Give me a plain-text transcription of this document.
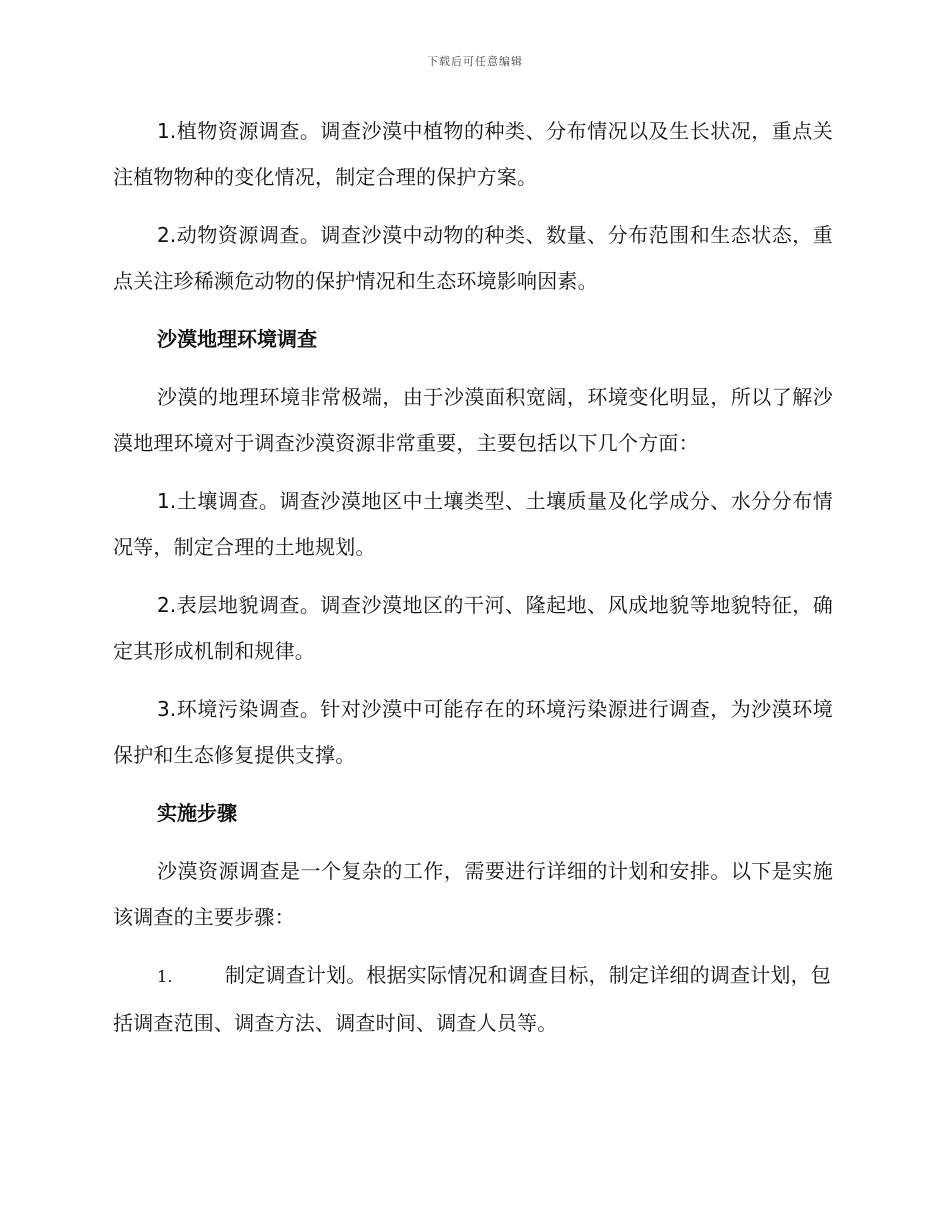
下载后可任意编辑

1.植物资源调查。调查沙漠中植物的种类、分布情况以及生长状况，重点关注植物物种的变化情况，制定合理的保护方案。

2.动物资源调查。调查沙漠中动物的种类、数量、分布范围和生态状态，重点关注珍稀濒危动物的保护情况和生态环境影响因素。

沙漠地理环境调查

沙漠的地理环境非常极端，由于沙漠面积宽阔，环境变化明显，所以了解沙漠地理环境对于调查沙漠资源非常重要，主要包括以下几个方面：

1.土壤调查。调查沙漠地区中土壤类型、土壤质量及化学成分、水分分布情况等，制定合理的土地规划。

2.表层地貌调查。调查沙漠地区的干河、隆起地、风成地貌等地貌特征，确定其形成机制和规律。

3.环境污染调查。针对沙漠中可能存在的环境污染源进行调查，为沙漠环境保护和生态修复提供支撑。

实施步骤

沙漠资源调查是一个复杂的工作，需要进行详细的计划和安排。以下是实施该调查的主要步骤：

1.	制定调查计划。根据实际情况和调查目标，制定详细的调查计划，包括调查范围、调查方法、调查时间、调查人员等。
